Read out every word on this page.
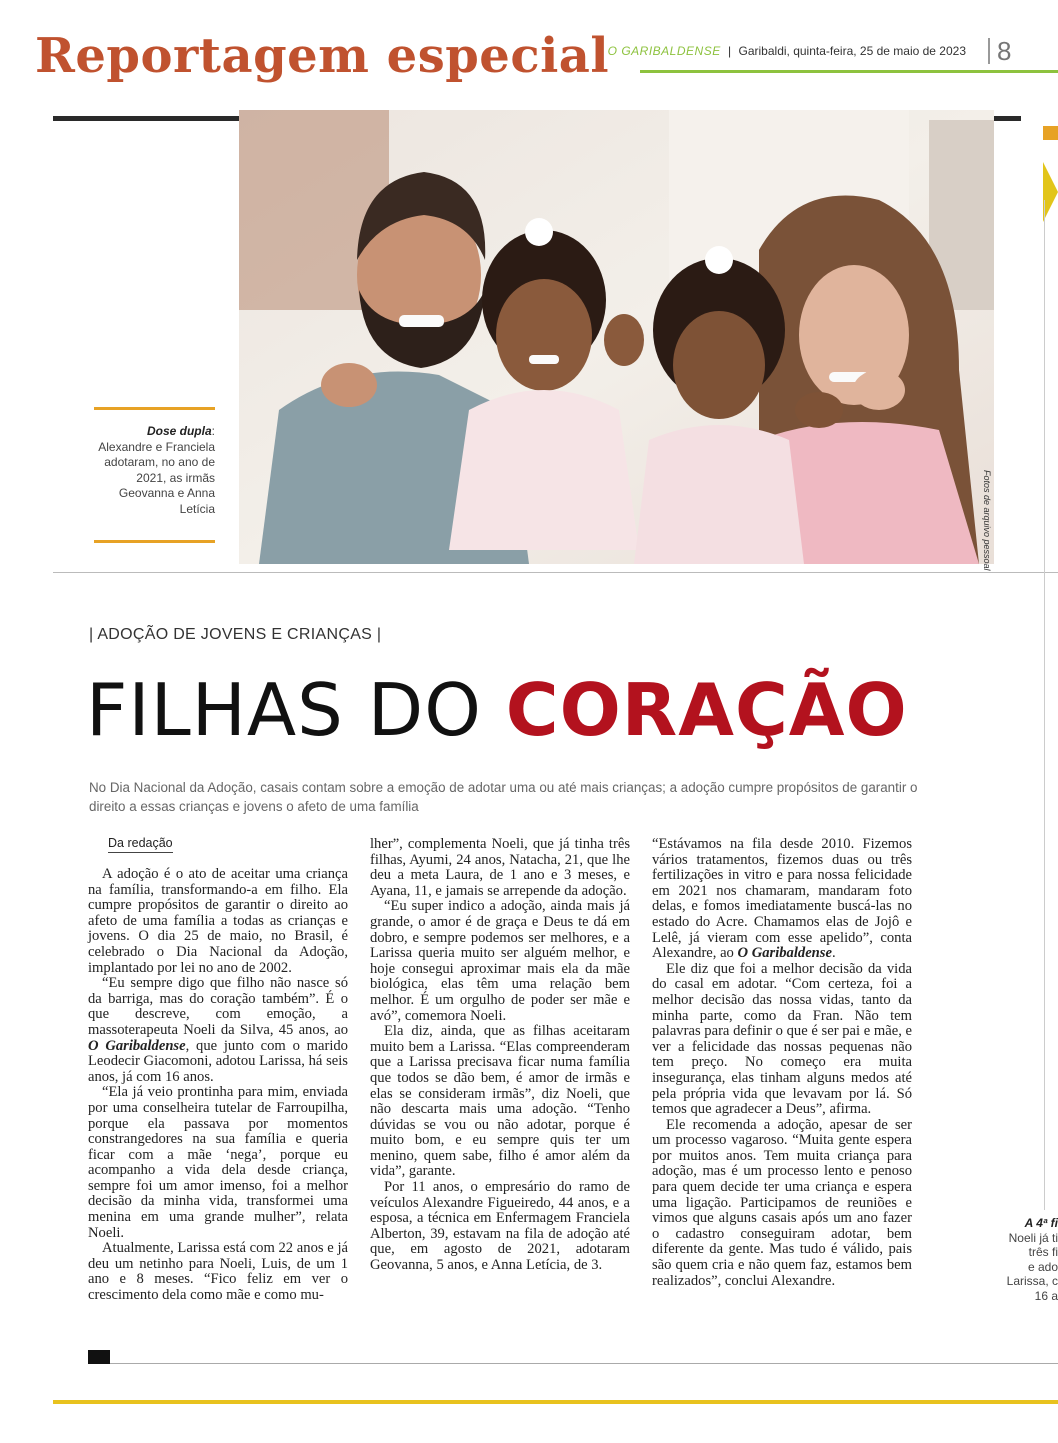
Reportagem especial
O GARIBALDENSE | Garibaldi, quinta-feira, 25 de maio de 2023 8
Fotos de arquivo pessoal
Dose dupla: Alexandre e Franciela adotaram, no ano de 2021, as irmãs Geovanna e Anna Letícia
| ADOÇÃO DE JOVENS E CRIANÇAS |
FILHAS DO CORAÇÃO
No Dia Nacional da Adoção, casais contam sobre a emoção de adotar uma ou até mais crianças; a adoção cumpre propósitos de garantir o direito a essas crianças e jovens o afeto de uma família
Da redação

A adoção é o ato de aceitar uma criança na família, transformando-a em filho. Ela cumpre propósitos de garantir o direito ao afeto de uma família a todas as crianças e jovens. O dia 25 de maio, no Brasil, é celebrado o Dia Nacional da Adoção, implantado por lei no ano de 2002.

“Eu sempre digo que filho não nasce só da barriga, mas do coração também”. É o que descreve, com emoção, a massoterapeuta Noeli da Silva, 45 anos, ao O Garibaldense, que junto com o marido Leodecir Giacomoni, adotou Larissa, há seis anos, já com 16 anos.

“Ela já veio prontinha para mim, enviada por uma conselheira tutelar de Farroupilha, porque ela passava por momentos constrangedores na sua família e queria ficar com a mãe ‘nega’, porque eu acompanho a vida dela desde criança, sempre foi um amor imenso, foi a melhor decisão da minha vida, transformei uma menina em uma grande mulher”, relata Noeli.

Atualmente, Larissa está com 22 anos e já deu um netinho para Noeli, Luis, de um 1 ano e 8 meses. “Fico feliz em ver o crescimento dela como mãe e como mu-

lher”, complementa Noeli, que já tinha três filhas, Ayumi, 24 anos, Natacha, 21, que lhe deu a meta Laura, de 1 ano e 3 meses, e Ayana, 11, e jamais se arrepende da adoção.

“Eu super indico a adoção, ainda mais já grande, o amor é de graça e Deus te dá em dobro, e sempre podemos ser melhores, e a Larissa queria muito ser alguém melhor, e hoje consegui aproximar mais ela da mãe biológica, elas têm uma relação bem melhor. É um orgulho de poder ser mãe e avó”, comemora Noeli.

Ela diz, ainda, que as filhas aceitaram muito bem a Larissa. “Elas compreenderam que a Larissa precisava ficar numa família que todos se dão bem, é amor de irmãs e elas se consideram irmãs”, diz Noeli, que não descarta mais uma adoção. “Tenho dúvidas se vou ou não adotar, porque é muito bom, e eu sempre quis ter um menino, quem sabe, filho é amor além da vida”, garante.

Por 11 anos, o empresário do ramo de veículos Alexandre Figueiredo, 44 anos, e a esposa, a técnica em Enfermagem Franciela Alberton, 39, estavam na fila de adoção até que, em agosto de 2021, adotaram Geovanna, 5 anos, e Anna Letícia, de 3.

“Estávamos na fila desde 2010. Fizemos vários tratamentos, fizemos duas ou três fertilizações in vitro e para nossa felicidade em 2021 nos chamaram, mandaram foto delas, e fomos imediatamente buscá-las no estado do Acre. Chamamos elas de Jojô e Lelê, já vieram com esse apelido”, conta Alexandre, ao O Garibaldense.

Ele diz que foi a melhor decisão da vida do casal em adotar. “Com certeza, foi a melhor decisão das nossa vidas, tanto da minha parte, como da Fran. Não tem palavras para definir o que é ser pai e mãe, e ver a felicidade das nossas pequenas não tem preço. No começo era muita insegurança, elas tinham alguns medos até pela própria vida que levavam por lá. Só temos que agradecer a Deus”, afirma.

Ele recomenda a adoção, apesar de ser um processo vagaroso. “Muita gente espera por muitos anos. Tem muita criança para adoção, mas é um processo lento e penoso para quem decide ter uma criança e espera uma ligação. Participamos de reuniões e vimos que alguns casais após um ano fazer o cadastro conseguiram adotar, bem diferente da gente. Mas tudo é válido, pais são quem cria e não quem faz, estamos bem realizados”, conclui Alexandre.

A 4ª fi
Noeli já ti
três fi
e ado
Larissa, c
16 a
